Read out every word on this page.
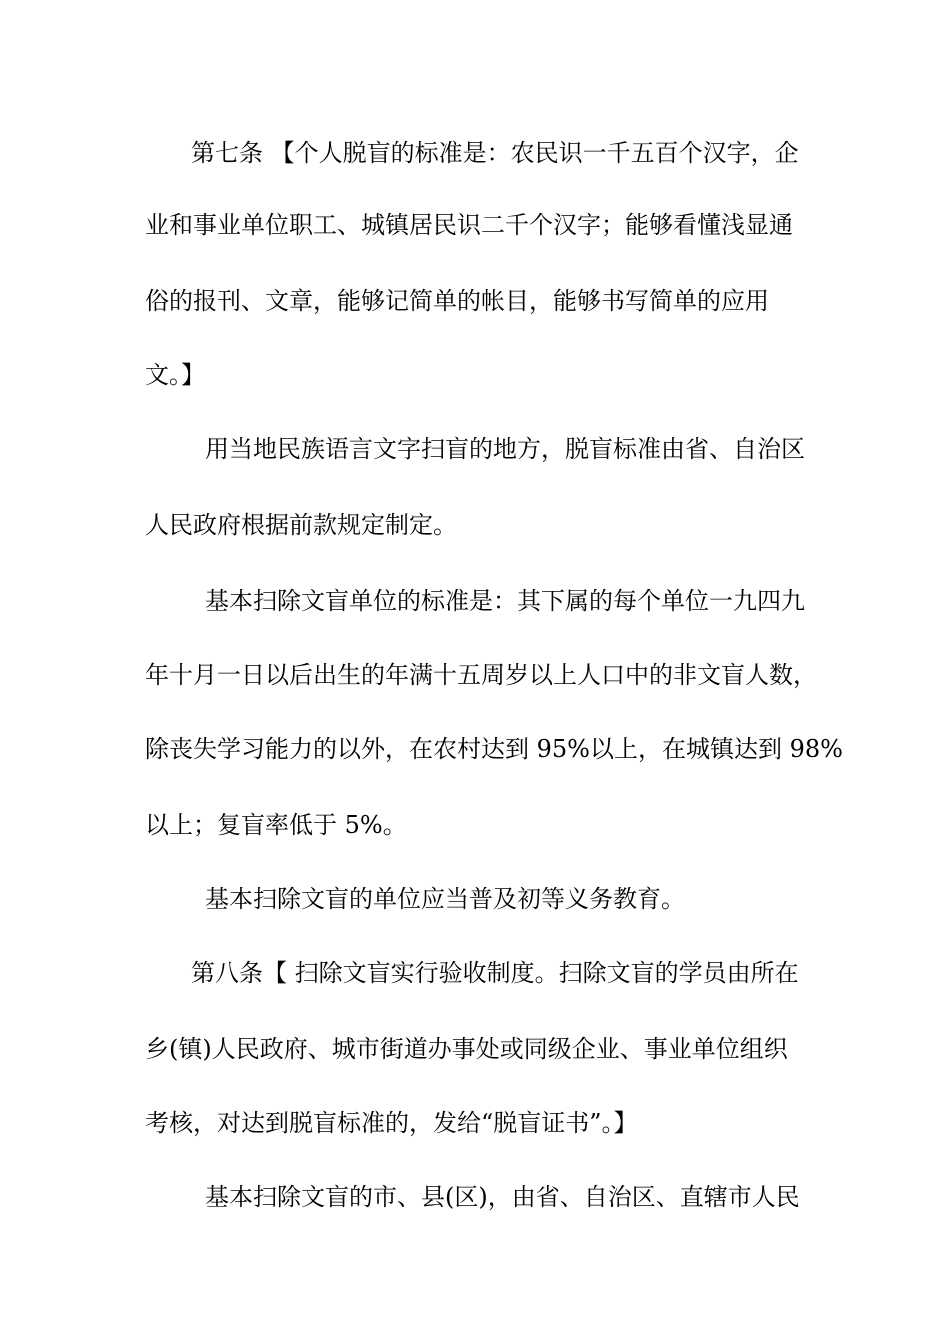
第七条 【个人脱盲的标准是：农民识一千五百个汉字，企
业和事业单位职工、城镇居民识二千个汉字；能够看懂浅显通
俗的报刊、文章，能够记简单的帐目，能够书写简单的应用
文。】
用当地民族语言文字扫盲的地方，脱盲标准由省、自治区
人民政府根据前款规定制定。
基本扫除文盲单位的标准是：其下属的每个单位一九四九
年十月一日以后出生的年满十五周岁以上人口中的非文盲人数，
除丧失学习能力的以外，在农村达到 95%以上，在城镇达到 98%
以上；复盲率低于 5%。
基本扫除文盲的单位应当普及初等义务教育。
第八条【 扫除文盲实行验收制度。扫除文盲的学员由所在
乡(镇)人民政府、城市街道办事处或同级企业、事业单位组织
考核，对达到脱盲标准的，发给“脱盲证书”。】
基本扫除文盲的市、县(区)，由省、自治区、直辖市人民
